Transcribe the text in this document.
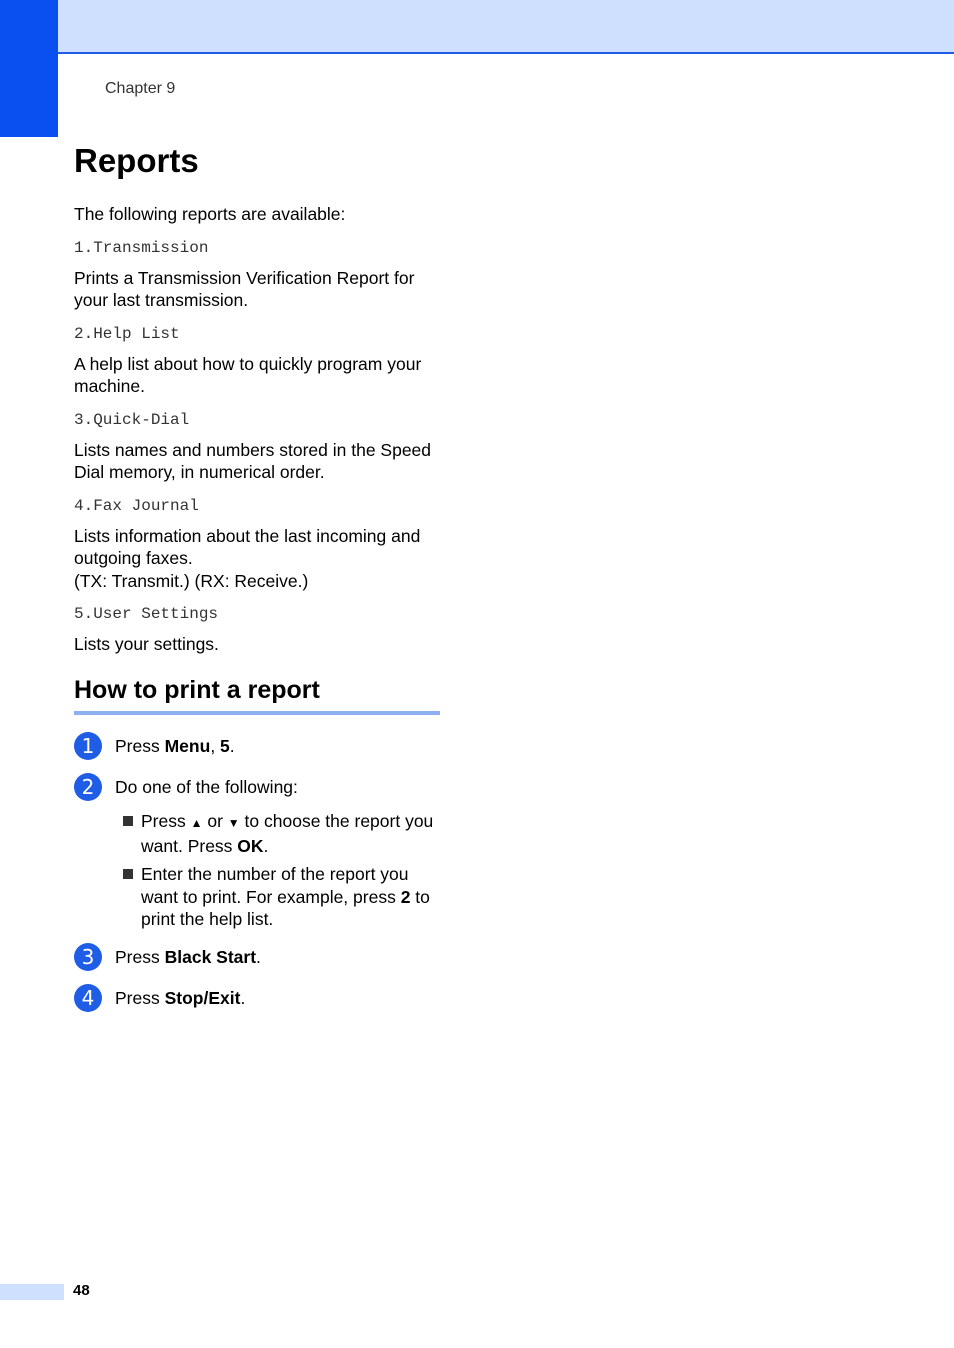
Chapter 9
Reports

The following reports are available:

1.Transmission

Prints a Transmission Verification Report for your last transmission.

2.Help List

A help list about how to quickly program your machine.

3.Quick-Dial

Lists names and numbers stored in the Speed Dial memory, in numerical order.

4.Fax Journal

Lists information about the last incoming and outgoing faxes.

(TX: Transmit.) (RX: Receive.)

5.User Settings

Lists your settings.

How to print a report
1	Press Menu, 5.
2	Do one of the following:
Press ▲ or ▼ to choose the report you want. Press OK.
Enter the number of the report you want to print. For example, press 2 to print the help list.
3	Press Black Start.
4	Press Stop/Exit.
48
